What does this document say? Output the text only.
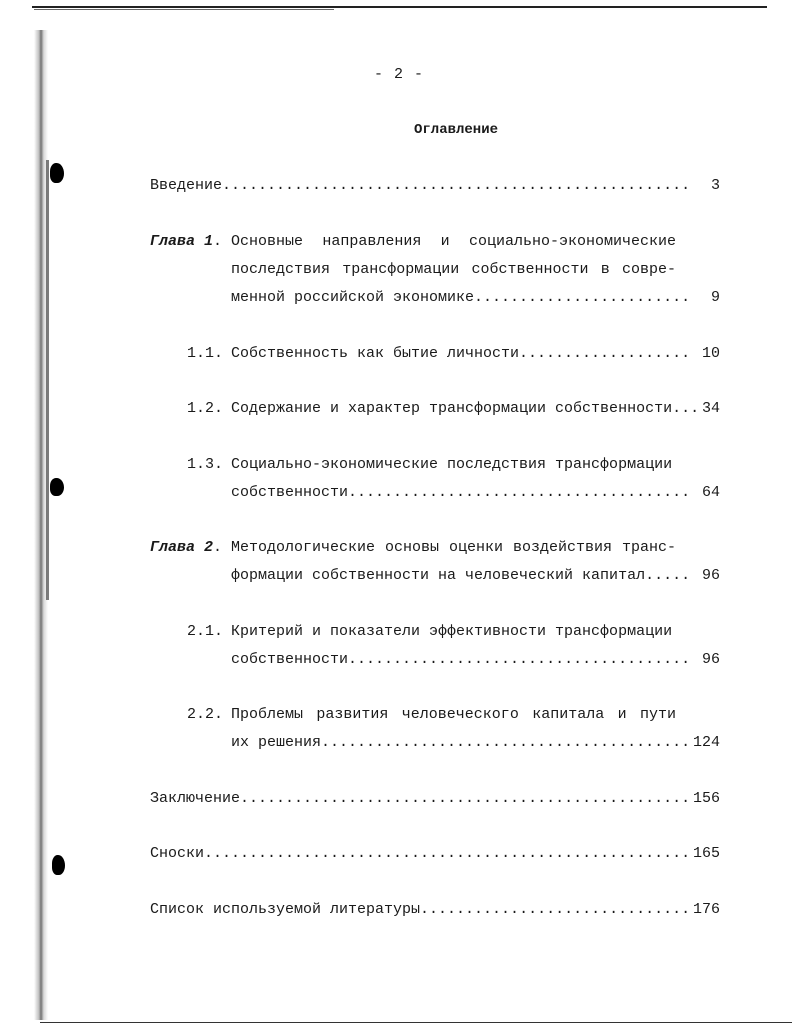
- 2 -
Оглавление
Введение .....	3
Глава 1. Основные направления и социально-экономические
последствия трансформации собственности в совре-
менной российской экономике .....	9
1.1. Собственность как бытие личности .....	10
1.2. Содержание и характер трансформации собственности .....	34
1.3. Социально-экономические последствия трансформации
собственности .....	64
Глава 2. Методологические основы оценки воздействия транс-
формации собственности на человеческий капитал .....	96
2.1. Критерий и показатели эффективности трансформации
собственности .....	96
2.2. Проблемы развития человеческого капитала и пути
их решения .....	124
Заключение .....	156
Сноски .....	165
Список используемой литературы .....	176
